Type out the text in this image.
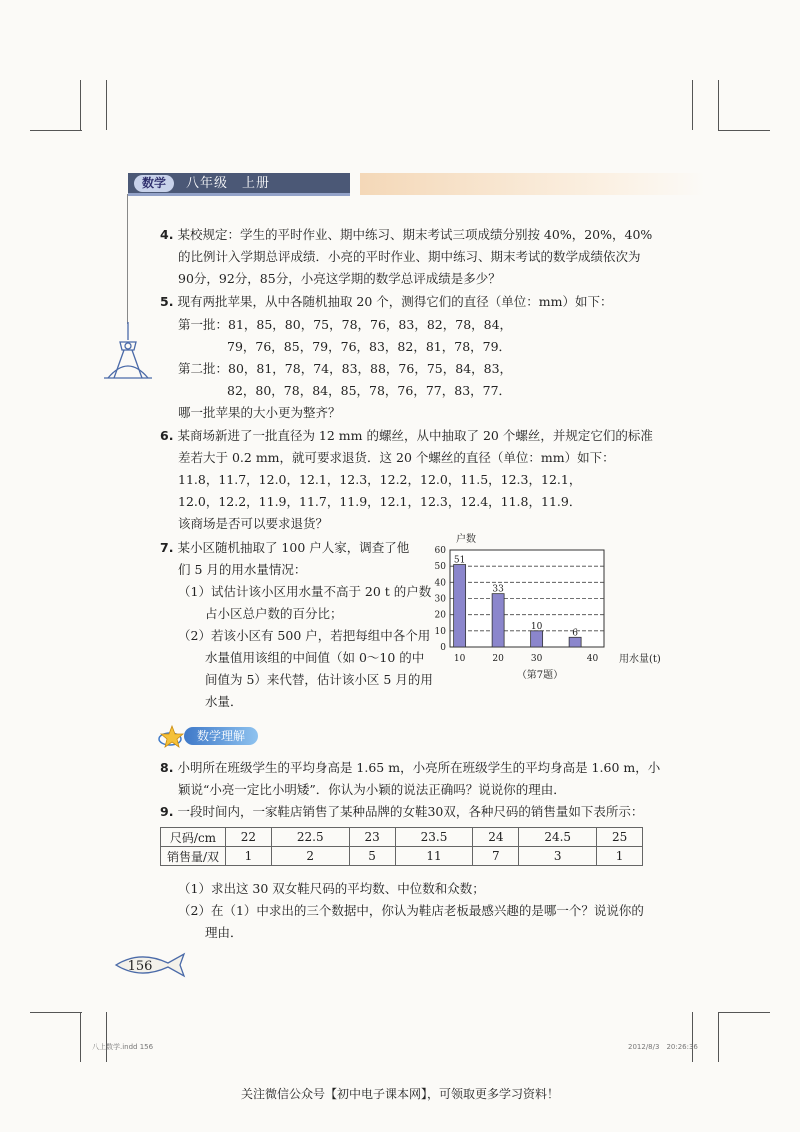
数学	八年级　上册
4. 某校规定：学生的平时作业、期中练习、期末考试三项成绩分别按 40%，20%，40%
的比例计入学期总评成绩．小亮的平时作业、期中练习、期末考试的数学成绩依次为
90分，92分，85分，小亮这学期的数学总评成绩是多少？
5. 现有两批苹果，从中各随机抽取 20 个，测得它们的直径（单位：mm）如下：
第一批：81，85，80，75，78，76，83，82，78，84，
79，76，85，79，76，83，82，81，78，79．
第二批：80，81，78，74，83，88，76，75，84，83，
82，80，78，84，85，78，76，77，83，77．
哪一批苹果的大小更为整齐？
6. 某商场新进了一批直径为 12 mm 的螺丝，从中抽取了 20 个螺丝，并规定它们的标准
差若大于 0.2 mm，就可要求退货．这 20 个螺丝的直径（单位：mm）如下：
11.8，11.7，12.0，12.1，12.3，12.2，12.0，11.5，12.3，12.1，
12.0，12.2，11.9，11.7，11.9，12.1，12.3，12.4，11.8，11.9．
该商场是否可以要求退货？
7. 某小区随机抽取了 100 户人家，调查了他
们 5 月的用水量情况：
（1）试估计该小区用水量不高于 20 t 的户数
占小区总户数的百分比；
（2）若该小区有 500 户，若把每组中各个用
水量值用该组的中间值（如 0～10 的中
间值为 5）来代替，估计该小区 5 月的用
水量．
户数
0
10
20
30
40
50
60
51
33
10
6
10	20	30	40 用水量(t)
（第7题）
数学理解
8. 小明所在班级学生的平均身高是 1.65 m，小亮所在班级学生的平均身高是 1.60 m，小
颖说“小亮一定比小明矮”．你认为小颖的说法正确吗？说说你的理由．
9. 一段时间内，一家鞋店销售了某种品牌的女鞋30双，各种尺码的销售量如下表所示：
尺码/cm	22	22.5	23	23.5	24	24.5	25
销售量/双	1	2	5	11	7	3	1
（1）求出这 30 双女鞋尺码的平均数、中位数和众数；
（2）在（1）中求出的三个数据中，你认为鞋店老板最感兴趣的是哪一个？说说你的
理由．
156
八上数学.indd 156	2012/8/3　20:26:36
关注微信公众号【初中电子课本网】，可领取更多学习资料！
